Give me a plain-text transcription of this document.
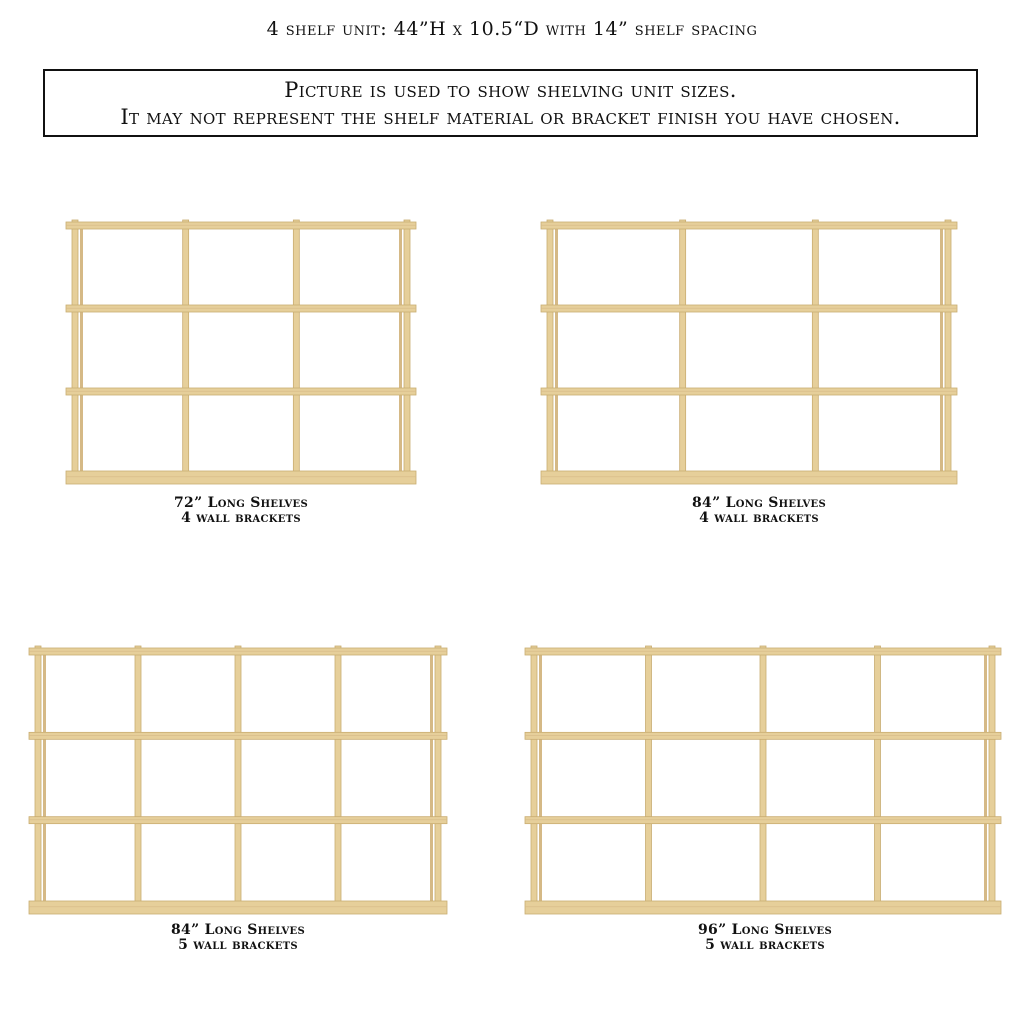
4 shelf unit: 44”H x 10.5“D with 14” shelf spacing
Picture is used to show shelving unit sizes.
It may not represent the shelf material or bracket finish you have chosen.
72” Long Shelves
4 wall brackets
84” Long Shelves
4 wall brackets
84” Long Shelves
5 wall brackets
96” Long Shelves
5 wall brackets
